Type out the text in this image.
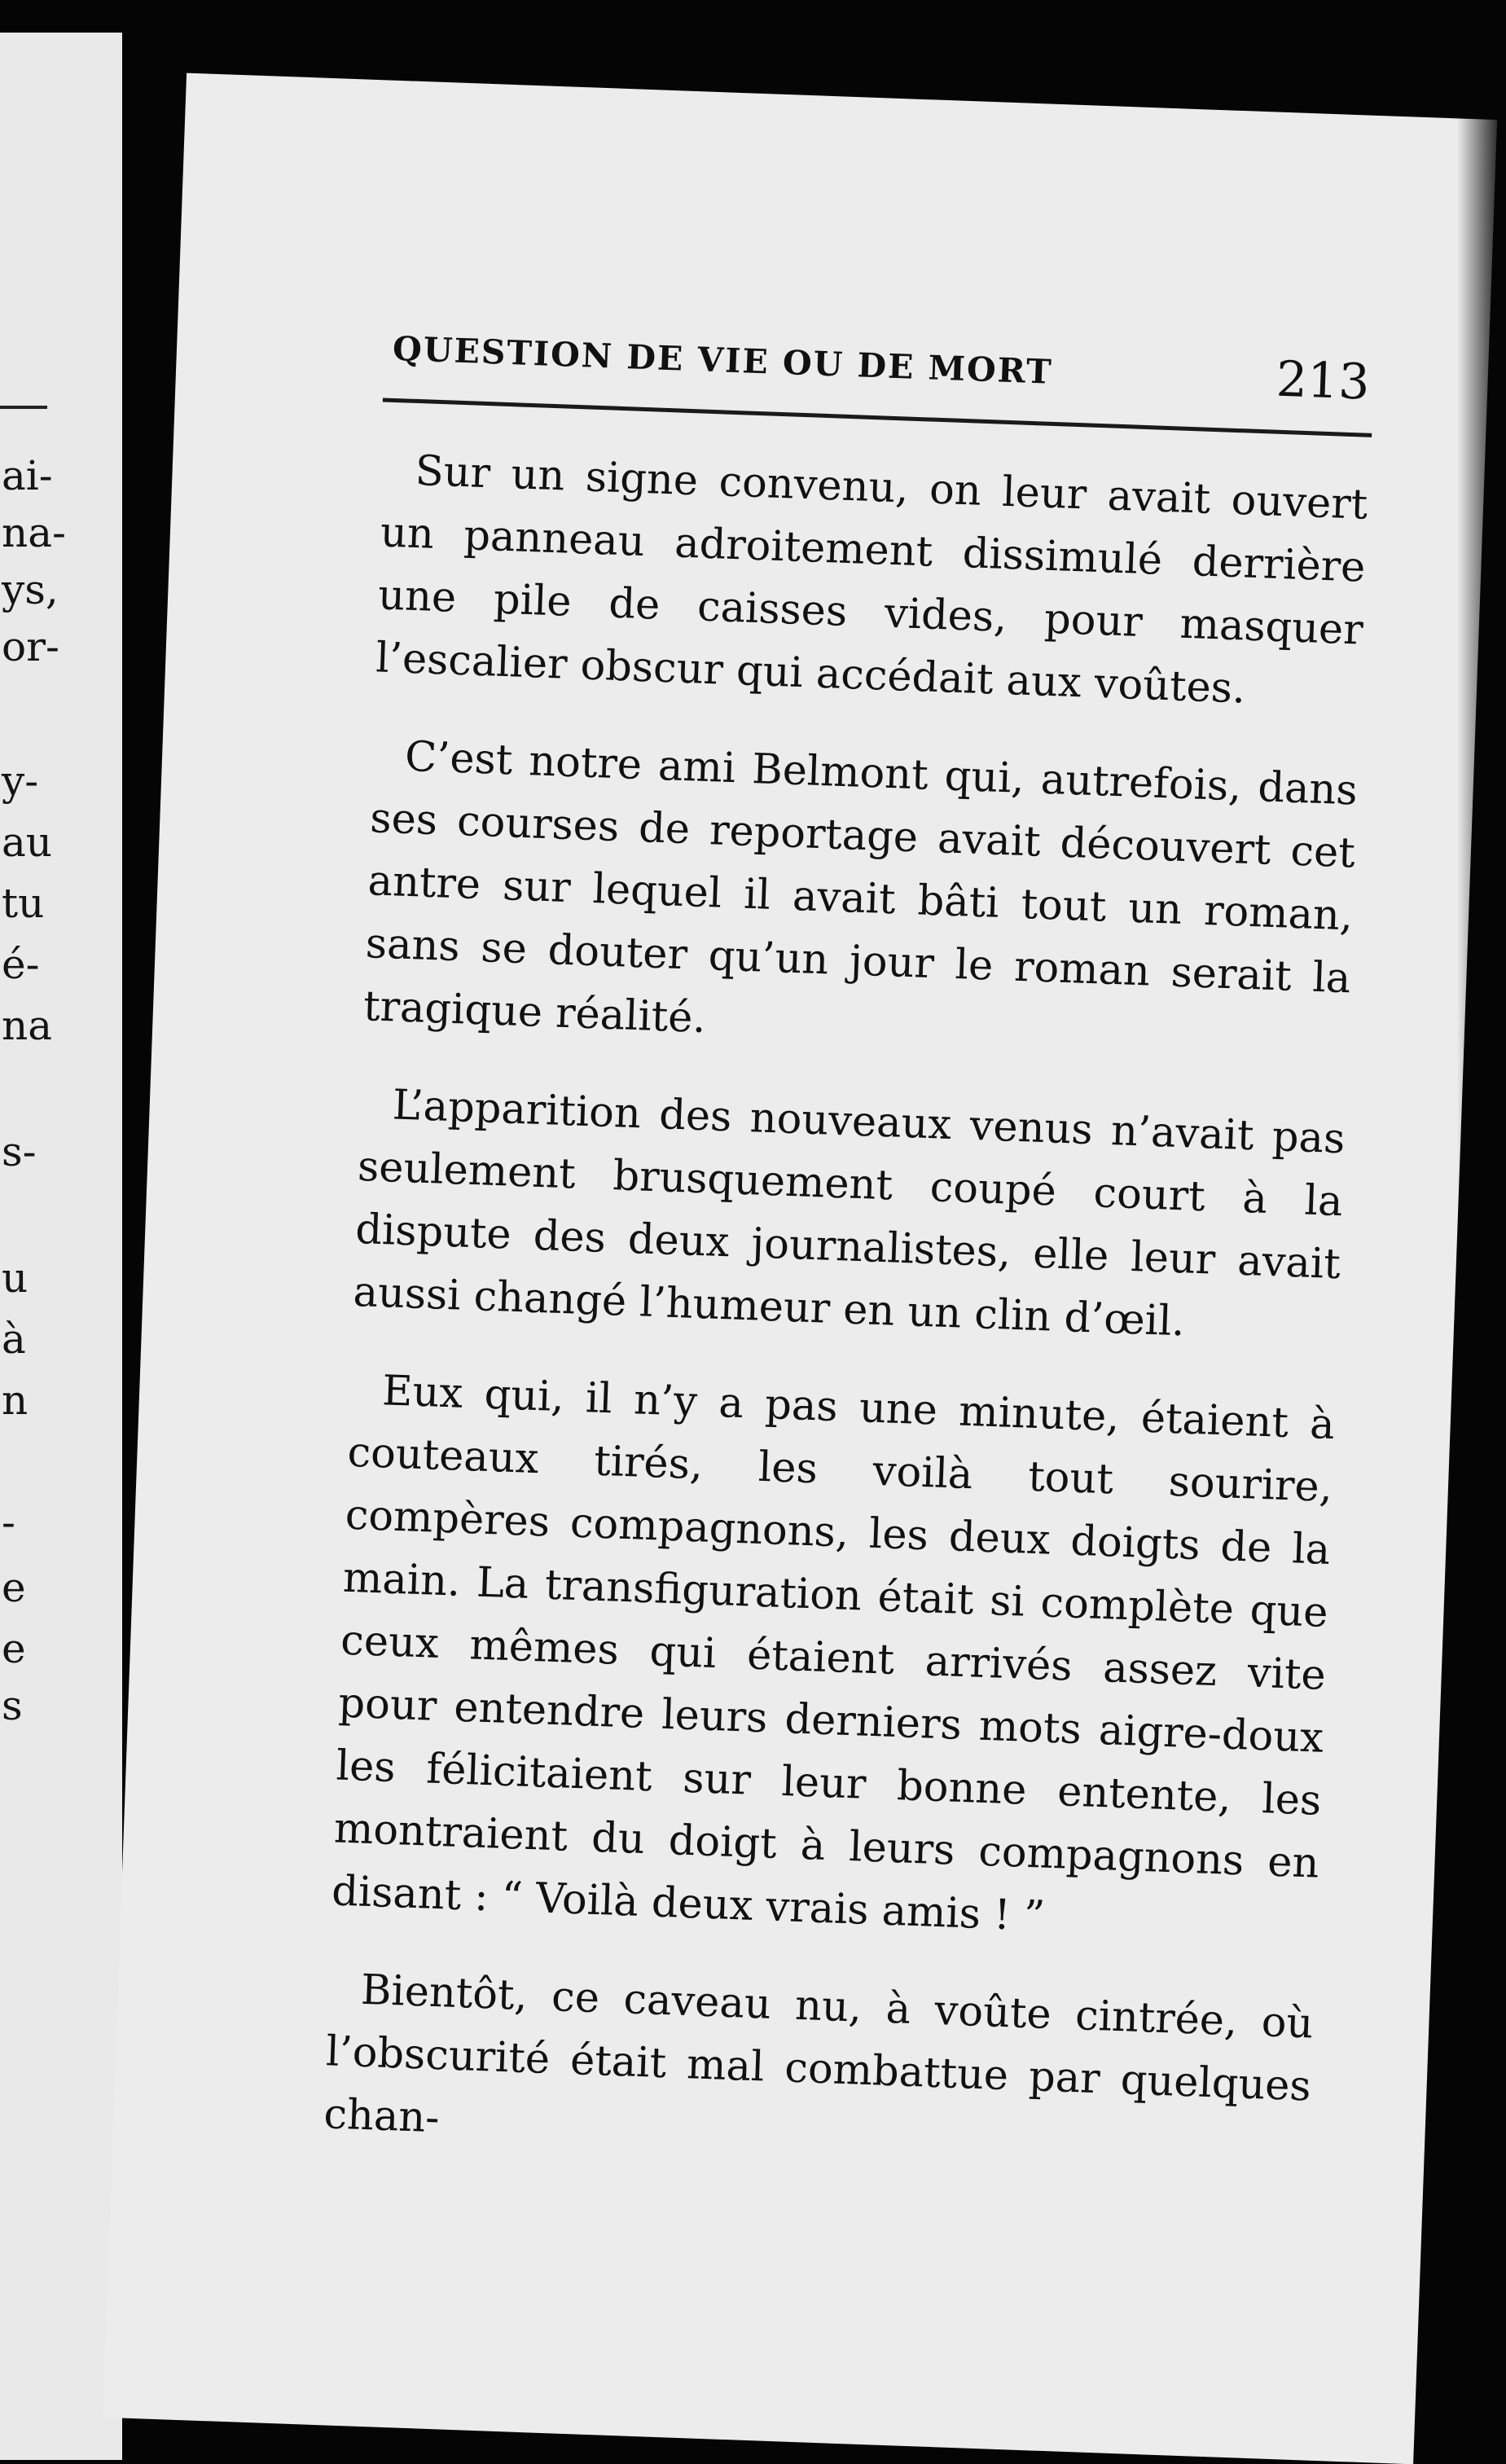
ai-
na-
ys,
or-
y-
au
tu
é-
na
s-
u
à
n
-
e
e
s
QUESTION DE VIE OU DE MORT	213

Sur un signe convenu, on leur avait ouvert un panneau adroitement dissimulé derrière une pile de caisses vides, pour masquer l’escalier obscur qui accédait aux voûtes.

C’est notre ami Belmont qui, autrefois, dans ses courses de reportage avait découvert cet antre sur lequel il avait bâti tout un roman, sans se douter qu’un jour le roman serait la tragique réalité.

L’apparition des nouveaux venus n’avait pas seulement brusquement coupé court à la dispute des deux journalistes, elle leur avait aussi changé l’humeur en un clin d’œil.

Eux qui, il n’y a pas une minute, étaient à couteaux tirés, les voilà tout sourire, compères compagnons, les deux doigts de la main. La transfiguration était si complète que ceux mêmes qui étaient arrivés assez vite pour entendre leurs derniers mots aigre-doux les félicitaient sur leur bonne entente, les montraient du doigt à leurs compagnons en disant : “ Voilà deux vrais amis ! ”

Bientôt, ce caveau nu, à voûte cintrée, où l’obscurité était mal combattue par quelques chan-
